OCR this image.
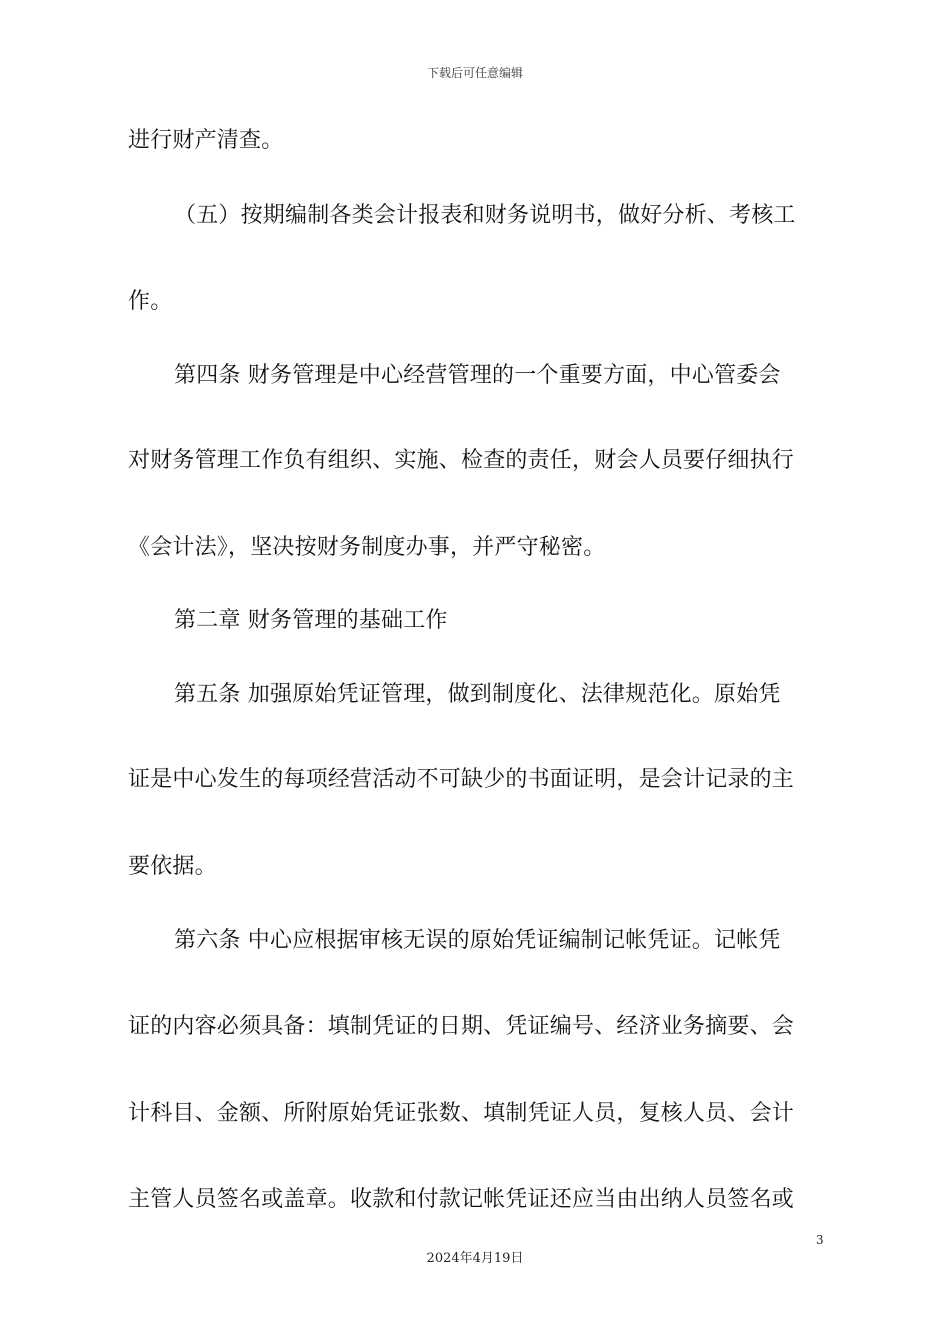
下载后可任意编辑
进行财产清查。
（五）按期编制各类会计报表和财务说明书，做好分析、考核工
作。
第四条 财务管理是中心经营管理的一个重要方面，中心管委会
对财务管理工作负有组织、实施、检查的责任，财会人员要仔细执行
《会计法》，坚决按财务制度办事，并严守秘密。
第二章 财务管理的基础工作
第五条 加强原始凭证管理，做到制度化、法律规范化。原始凭
证是中心发生的每项经营活动不可缺少的书面证明，是会计记录的主
要依据。
第六条 中心应根据审核无误的原始凭证编制记帐凭证。记帐凭
证的内容必须具备：填制凭证的日期、凭证编号、经济业务摘要、会
计科目、金额、所附原始凭证张数、填制凭证人员，复核人员、会计
主管人员签名或盖章。收款和付款记帐凭证还应当由出纳人员签名或
3
2024年4月19日
